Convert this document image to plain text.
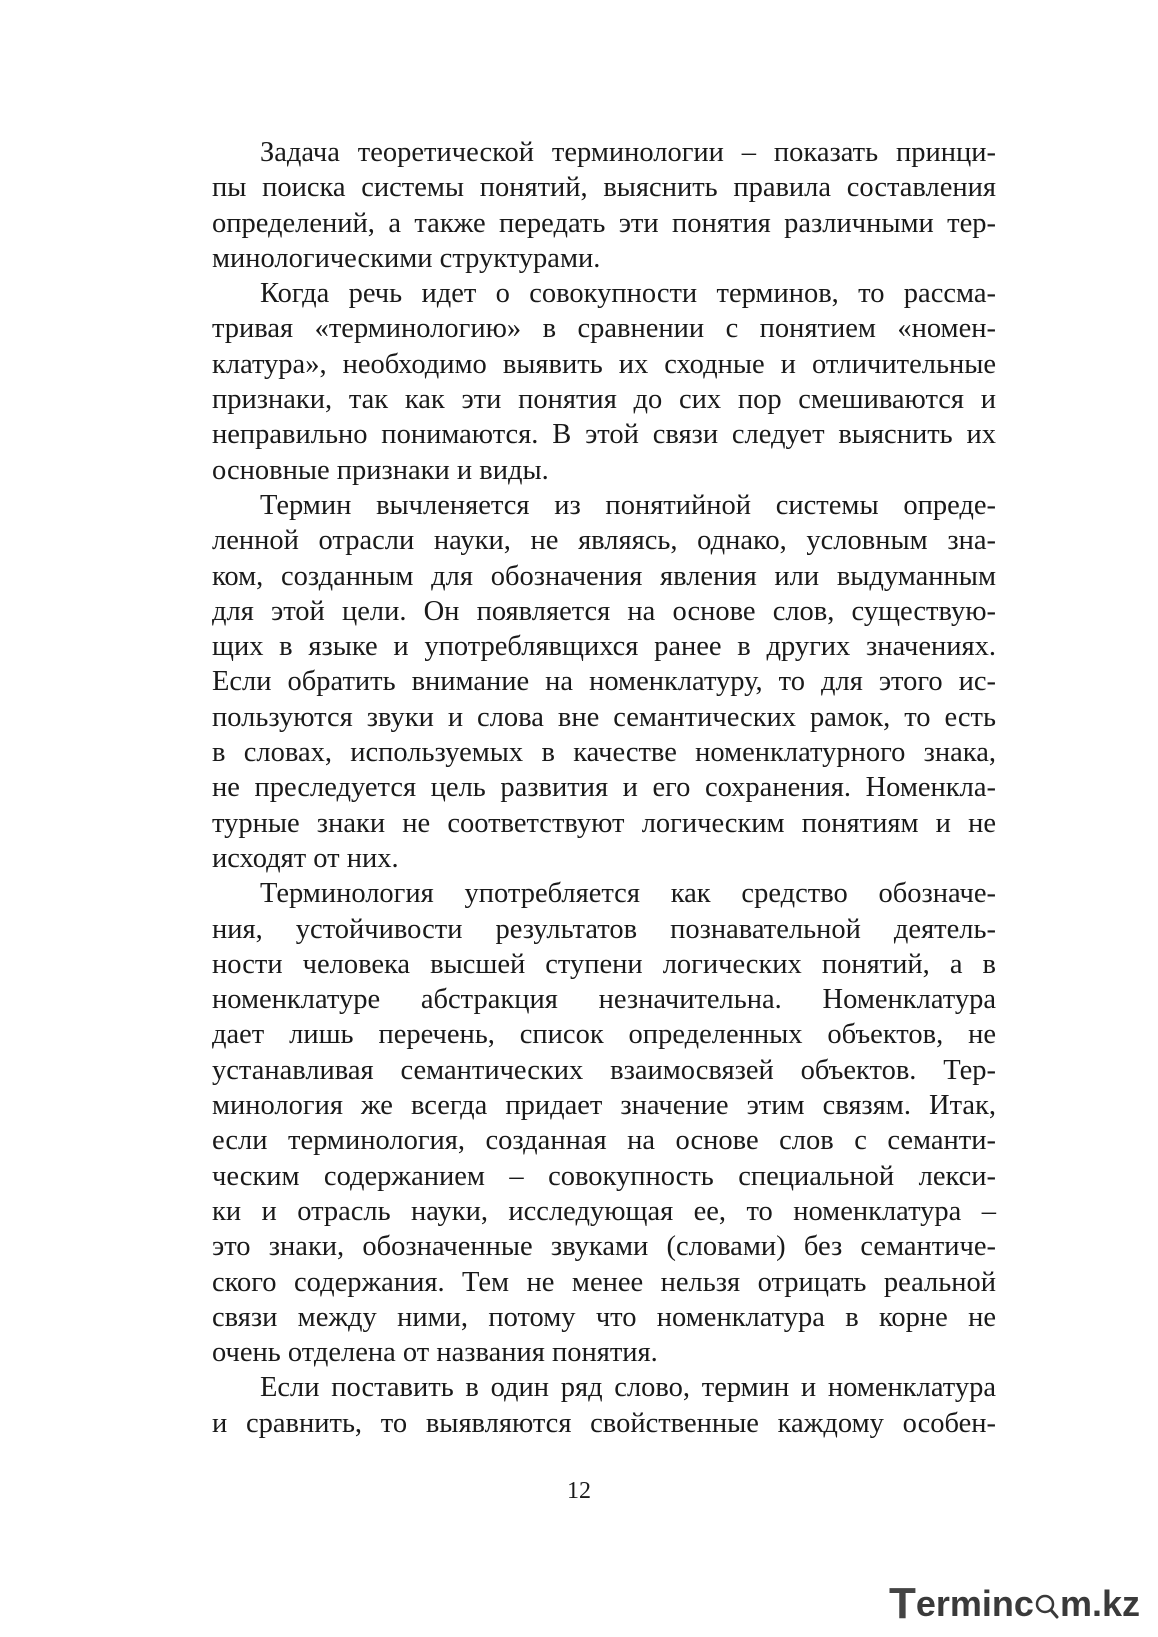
Задача теоретической терминологии – показать принци-
пы поиска системы понятий, выяснить правила составления
определений, а также передать эти понятия различными тер-
минологическими структурами.
Когда речь идет о совокупности терминов, то рассма-
тривая «терминологию» в сравнении с понятием «номен-
клатура», необходимо выявить их сходные и отличительные
признаки, так как эти понятия до сих пор смешиваются и
неправильно понимаются. В этой связи следует выяснить их
основные признаки и виды.
Термин вычленяется из понятийной системы опреде-
ленной отрасли науки, не являясь, однако, условным зна-
ком, созданным для обозначения явления или выдуманным
для этой цели. Он появляется на основе слов, существую-
щих в языке и употреблявщихся ранее в других значениях.
Если обратить внимание на номенклатуру, то для этого ис-
пользуются звуки и слова вне семантических рамок, то есть
в словах, используемых в качестве номенклатурного знака,
не преследуется цель развития и его сохранения. Номенкла-
турные знаки не соответствуют логическим понятиям и не
исходят от них.
Терминология употребляется как средство обозначе-
ния, устойчивости результатов познавательной деятель-
ности человека высшей ступени логических понятий, а в
номенклатуре абстракция незначительна. Номенклатура
дает лишь перечень, список определенных объектов, не
устанавливая семантических взаимосвязей объектов. Тер-
минология же всегда придает значение этим связям. Итак,
если терминология, созданная на основе слов с семанти-
ческим содержанием – совокупность специальной лекси-
ки и отрасль науки, исследующая ее, то номенклатура –
это знаки, обозначенные звуками (словами) без семантиче-
ского содержания. Тем не менее нельзя отрицать реальной
связи между ними, потому что номенклатура в корне не
очень отделена от названия понятия.
Если поставить в один ряд слово, термин и номенклатура
и сравнить, то выявляются свойственные каждому особен-
12
T erminc m.kz
